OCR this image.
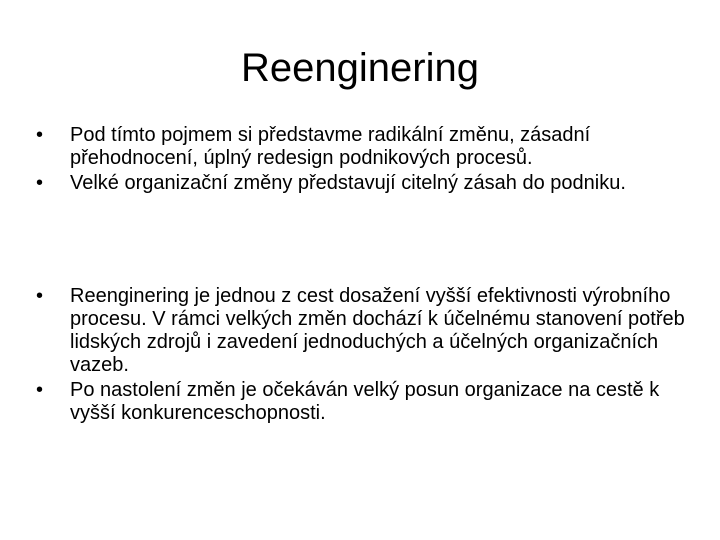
Reenginering
•	Pod tímto pojmem si představme radikální změnu, zásadní přehodnocení, úplný redesign podnikových procesů.
•	Velké organizační změny představují citelný zásah do podniku.
•	Reenginering je jednou z cest dosažení vyšší efektivnosti výrobního procesu. V rámci velkých změn dochází k účelnému stanovení potřeb lidských zdrojů i zavedení jednoduchých a účelných organizačních vazeb.
•	Po nastolení změn je očekáván velký posun organizace na cestě k vyšší konkurenceschopnosti.
